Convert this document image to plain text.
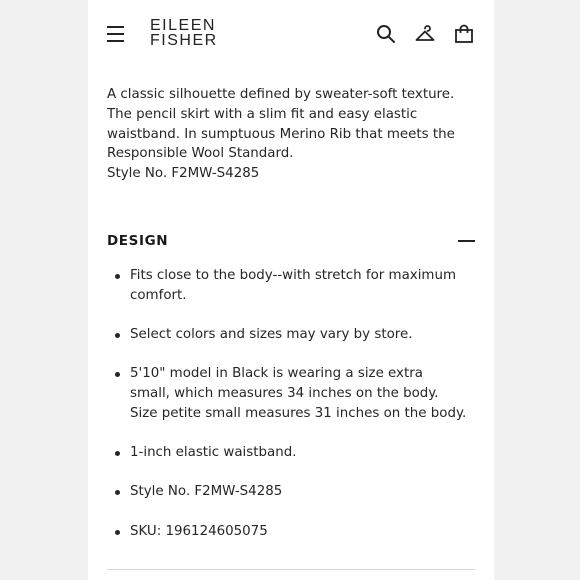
EILEEN
FISHER

A classic silhouette defined by sweater-soft texture. The pencil skirt with a slim fit and easy elastic waistband. In sumptuous Merino Rib that meets the Responsible Wool Standard.

Style No. F2MW-S4285

DESIGN
Fits close to the body--with stretch for maximum comfort.
Select colors and sizes may vary by store.
5'10" model in Black is wearing a size extra small, which measures 34 inches on the body. Size petite small measures 31 inches on the body.
1-inch elastic waistband.
Style No. F2MW-S4285
SKU: 196124605075
